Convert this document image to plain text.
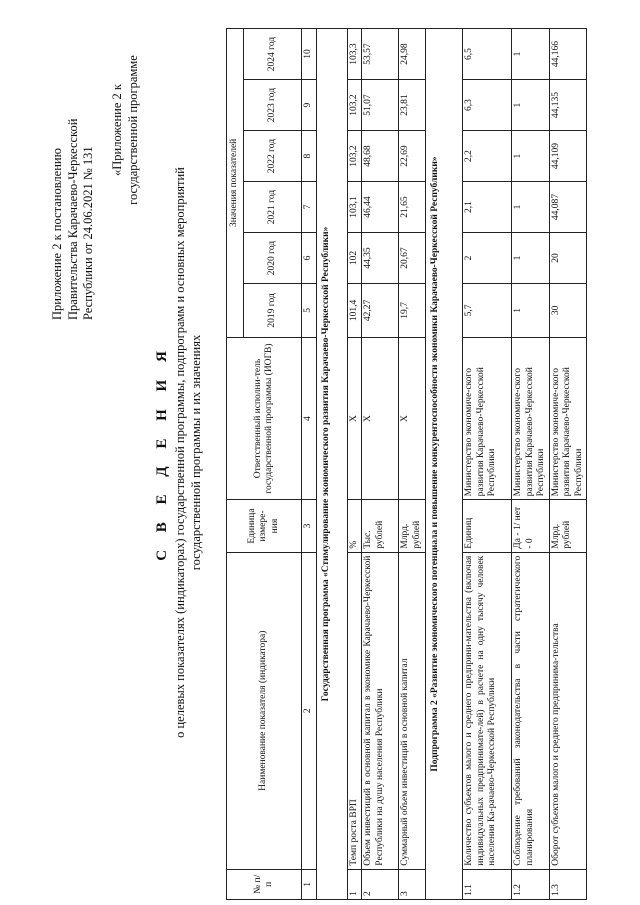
Приложение 2 к постановлению Правительства Карачаево-Черкесской Республики от 24.06.2021 № 131
«Приложение 2 к государственной программе
С В Е Д Е Н И Я о целевых показателях (индикаторах) государственной программы, подпрограмм и основных мероприятий государственной программы и их значениях
№ п/п	Наименование показателя (индикатора)	Единица измере-ния	Ответственный исполни-тель государственной программы (ИОГВ)	Значения показателей					
				2019 год	2020 год	2021 год	2022 год	2023 год	2024 год
1	2	3	4	5	6	7	8	9	10
Государственная программа «Стимулирование экономического развития Карачаево-Черкесской Республики»									
1	Темп роста ВРП	%	X	101,4	102	103,1	103,2	103,2	103,3
2	Объем инвестиций в основной капитал в экономике Карачаево-Черкесской Республики на душу населения Республики	Тыс. рублей	X	42,27	44,35	46,44	48,68	51,07	53,57
3	Суммарный объем инвестиций в основной капитал	Млрд. рублей	X	19,7	20,67	21,65	22,69	23,81	24,98
Подпрограмма 2 «Развитие экономического потенциала и повышение конкурентоспособности экономики Карачаево-Черкесской Республики»									
1.1	Количество субъектов малого и среднего предприни-мательства (включая индивидуальных предпринимате-лей) в расчете на одну тысячу человек населения Ка-рачаево-Черкесской Республики	Единиц	Министерство экономиче-ского развития Карачаево-Черкесской Республики	5,7	2	2,1	2,2	6,3	6,5
1.2	Соблюдение требований законодательства в части стратегического планирования	Да - 1/ нет - 0	Министерство экономиче-ского развития Карачаево-Черкесской Республики	1	1	1	1	1	1
1.3	Оборот субъектов малого и среднего предпринима-тельства	Млрд. рублей	Министерство экономиче-ского развития Карачаево-Черкесской Республики	30	20	44,087	44,109	44,135	44,166
